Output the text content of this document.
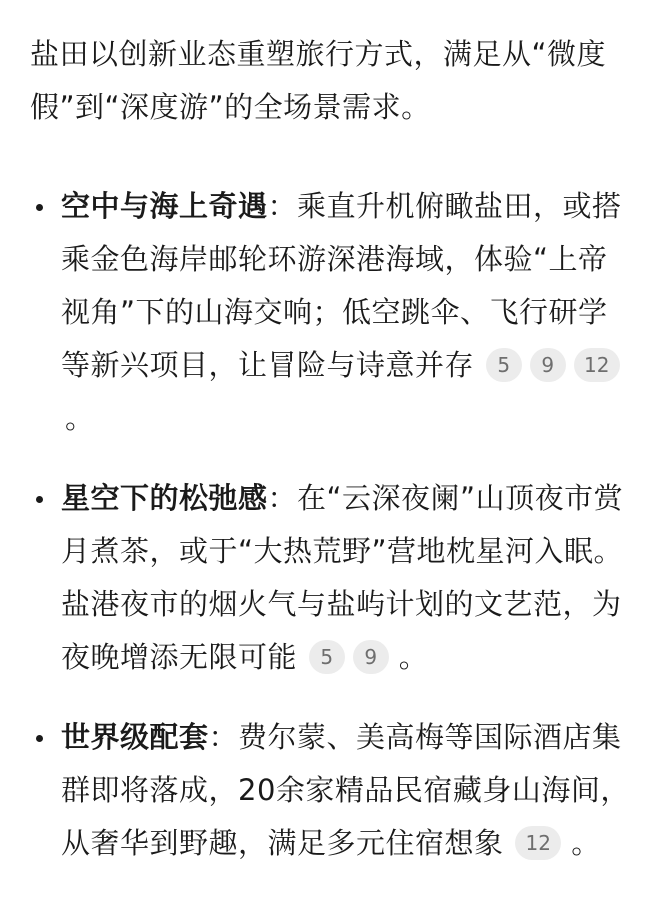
盐田以创新业态重塑旅行方式，满足从“微度假”到“深度游”的全场景需求。

空中与海上奇遇：乘直升机俯瞰盐田，或搭乘金色海岸邮轮环游深港海域，体验“上帝视角”下的山海交响；低空跳伞、飞行研学等新兴项目，让冒险与诗意并存 5 9 12。
星空下的松弛感：在“云深夜阑”山顶夜市赏月煮茶，或于“大热荒野”营地枕星河入眠。盐港夜市的烟火气与盐屿计划的文艺范，为夜晚增添无限可能 5 9 。
世界级配套：费尔蒙、美高梅等国际酒店集群即将落成，20余家精品民宿藏身山海间，从奢华到野趣，满足多元住宿想象 12 。
